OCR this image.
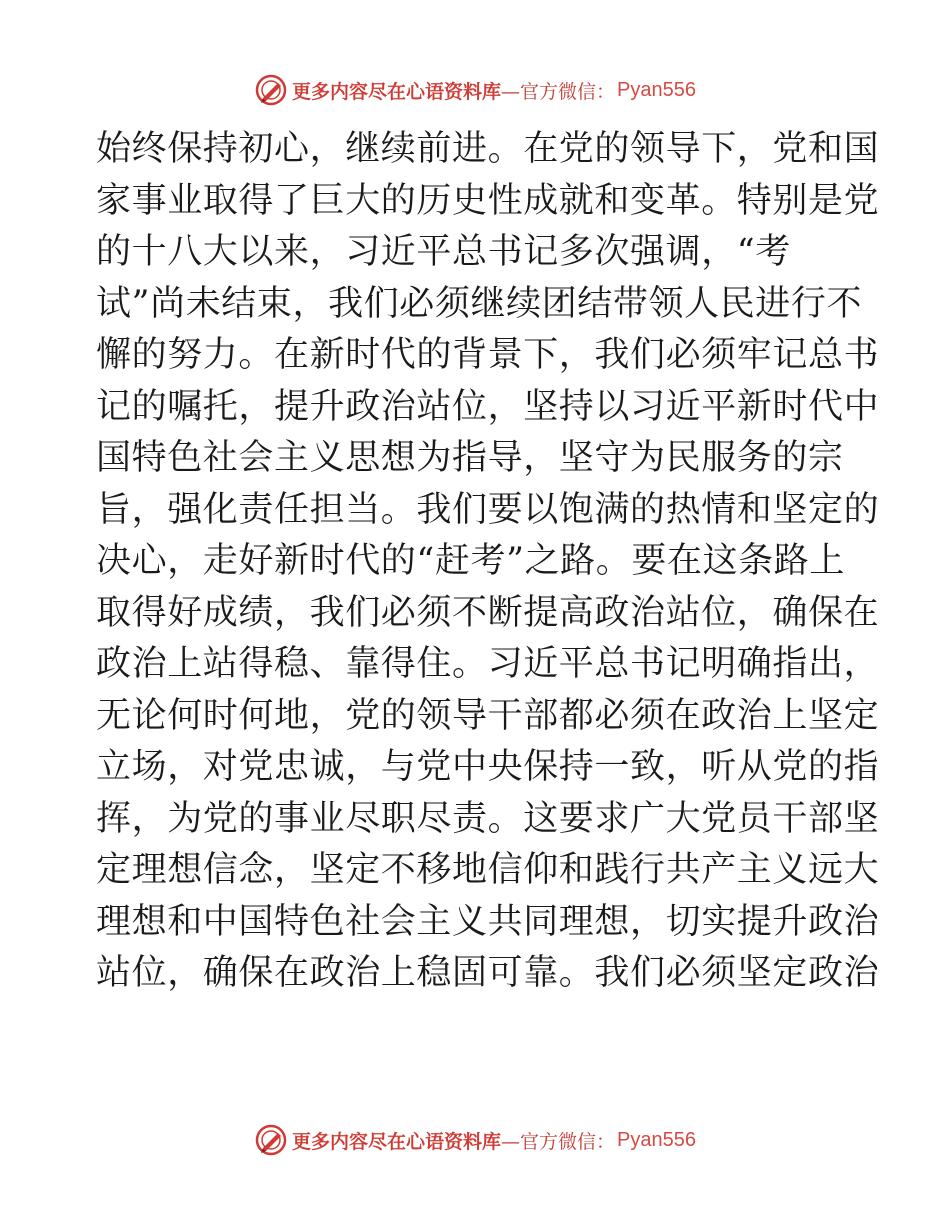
更多内容尽在心语资料库 —官方微信： Pyan556
始终保持初心，继续前进。在党的领导下，党和国
家事业取得了巨大的历史性成就和变革。特别是党
的十八大以来，习近平总书记多次强调，“考
试”尚未结束，我们必须继续团结带领人民进行不
懈的努力。在新时代的背景下，我们必须牢记总书
记的嘱托，提升政治站位，坚持以习近平新时代中
国特色社会主义思想为指导，坚守为民服务的宗
旨，强化责任担当。我们要以饱满的热情和坚定的
决心，走好新时代的“赶考”之路。要在这条路上
取得好成绩，我们必须不断提高政治站位，确保在
政治上站得稳、靠得住。习近平总书记明确指出，
无论何时何地，党的领导干部都必须在政治上坚定
立场，对党忠诚，与党中央保持一致，听从党的指
挥，为党的事业尽职尽责。这要求广大党员干部坚
定理想信念，坚定不移地信仰和践行共产主义远大
理想和中国特色社会主义共同理想，切实提升政治
站位，确保在政治上稳固可靠。我们必须坚定政治
更多内容尽在心语资料库 —官方微信： Pyan556
